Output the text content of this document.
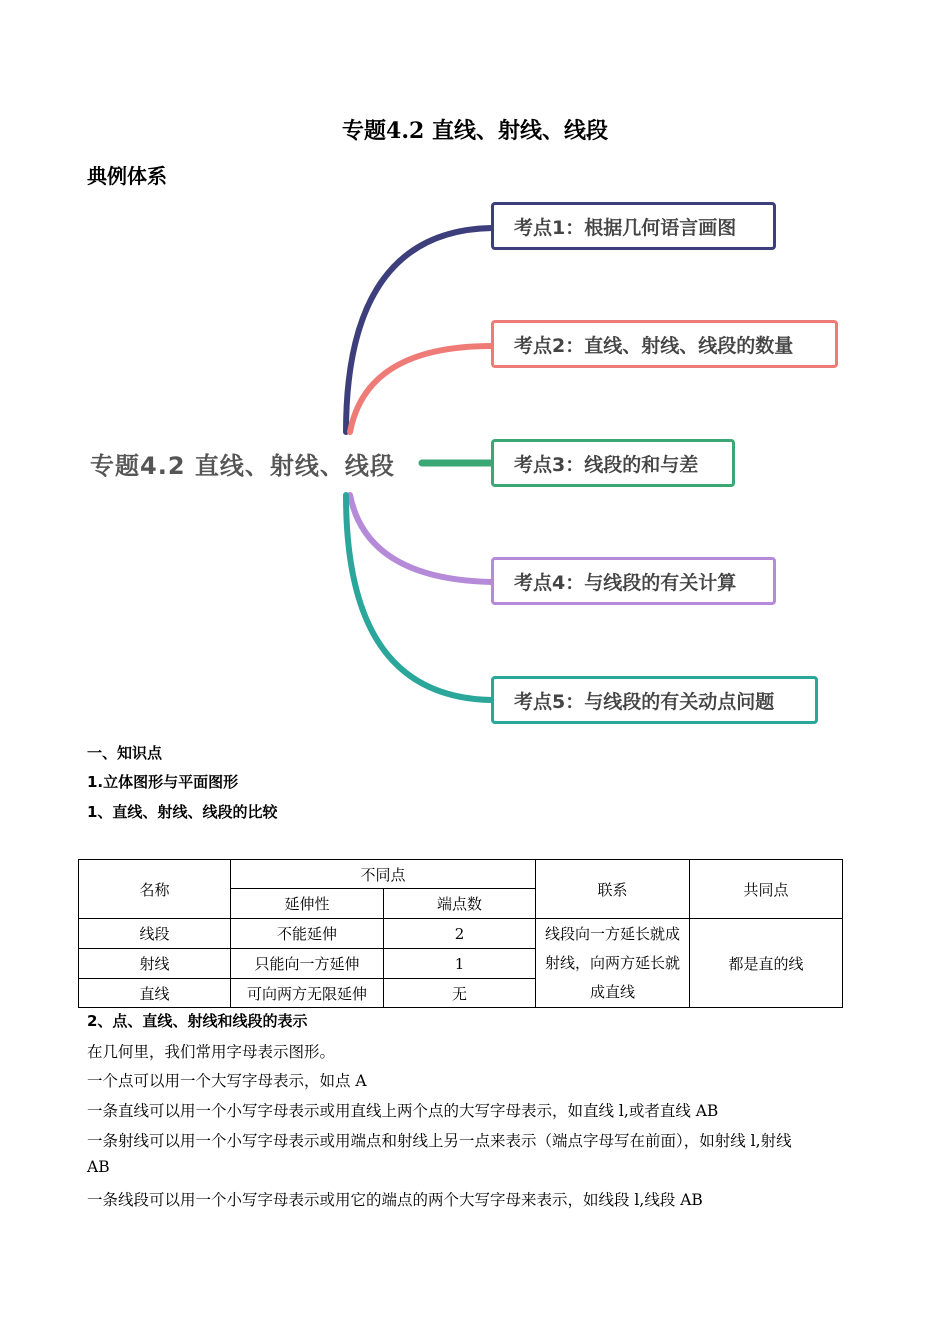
专题4.2 直线、射线、线段
典例体系
专题4.2 直线、射线、线段
考点1：根据几何语言画图
考点2：直线、射线、线段的数量
考点3：线段的和与差
考点4：与线段的有关计算
考点5：与线段的有关动点问题
一、知识点
1.立体图形与平面图形
1、直线、射线、线段的比较
名称	不同点		联系	共同点
	延伸性	端点数		
线段	不能延伸	2	线段向一方延长就成射线，向两方延长就成直线	都是直的线
射线	只能向一方延伸	1		
直线	可向两方无限延伸	无		
2、点、直线、射线和线段的表示
在几何里，我们常用字母表示图形。
一个点可以用一个大写字母表示，如点 A
一条直线可以用一个小写字母表示或用直线上两个点的大写字母表示，如直线 l,或者直线 AB
一条射线可以用一个小写字母表示或用端点和射线上另一点来表示（端点字母写在前面），如射线 l,射线
AB
一条线段可以用一个小写字母表示或用它的端点的两个大写字母来表示，如线段 l,线段 AB
